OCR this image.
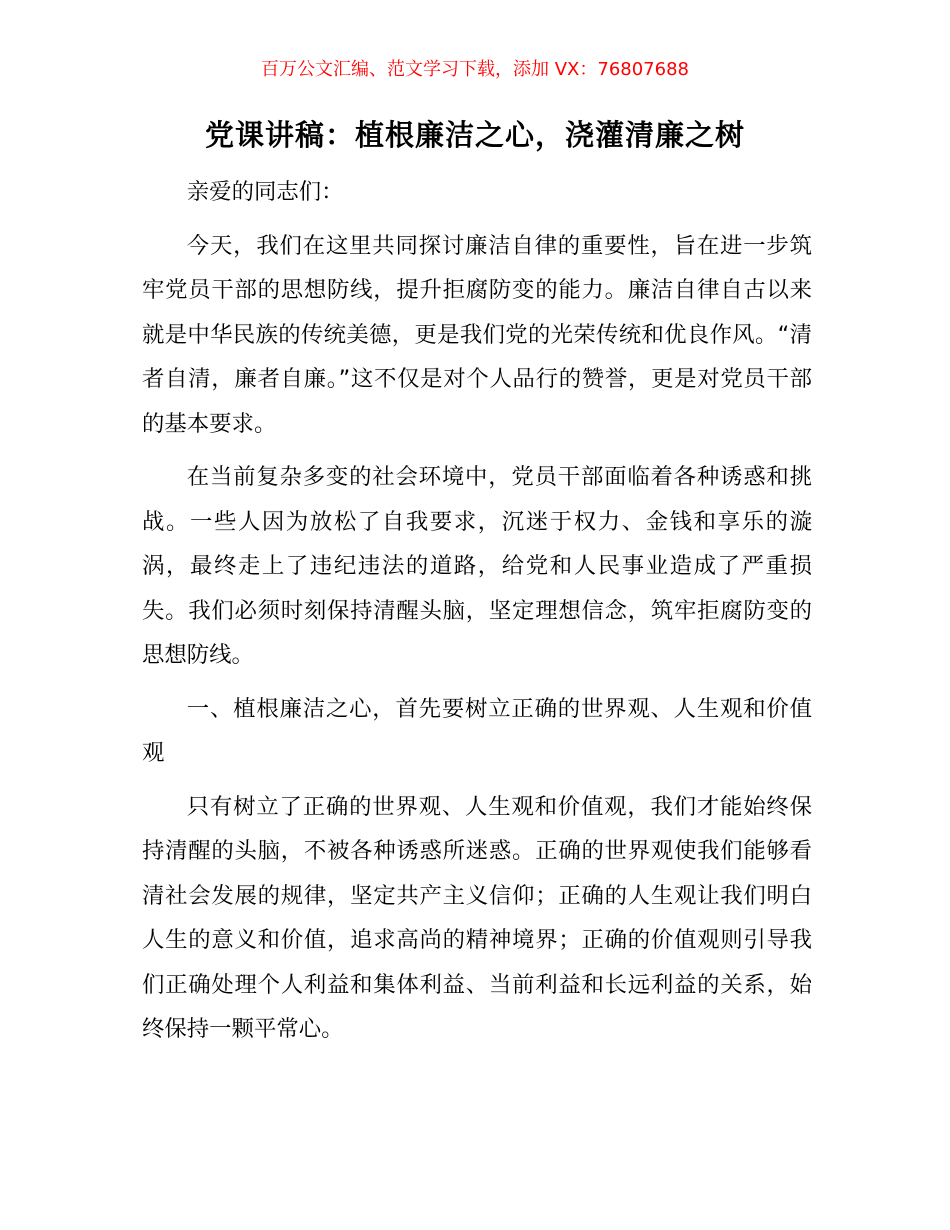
百万公文汇编、范文学习下载，添加 VX：76807688
党课讲稿：植根廉洁之心，浇灌清廉之树

亲爱的同志们：

今天，我们在这里共同探讨廉洁自律的重要性，旨在进一步筑牢党员干部的思想防线，提升拒腐防变的能力。廉洁自律自古以来就是中华民族的传统美德，更是我们党的光荣传统和优良作风。“清者自清，廉者自廉。”这不仅是对个人品行的赞誉，更是对党员干部的基本要求。

在当前复杂多变的社会环境中，党员干部面临着各种诱惑和挑战。一些人因为放松了自我要求，沉迷于权力、金钱和享乐的漩涡，最终走上了违纪违法的道路，给党和人民事业造成了严重损失。我们必须时刻保持清醒头脑，坚定理想信念，筑牢拒腐防变的思想防线。

一、植根廉洁之心，首先要树立正确的世界观、人生观和价值观

只有树立了正确的世界观、人生观和价值观，我们才能始终保持清醒的头脑，不被各种诱惑所迷惑。正确的世界观使我们能够看清社会发展的规律，坚定共产主义信仰；正确的人生观让我们明白人生的意义和价值，追求高尚的精神境界；正确的价值观则引导我们正确处理个人利益和集体利益、当前利益和长远利益的关系，始终保持一颗平常心。
